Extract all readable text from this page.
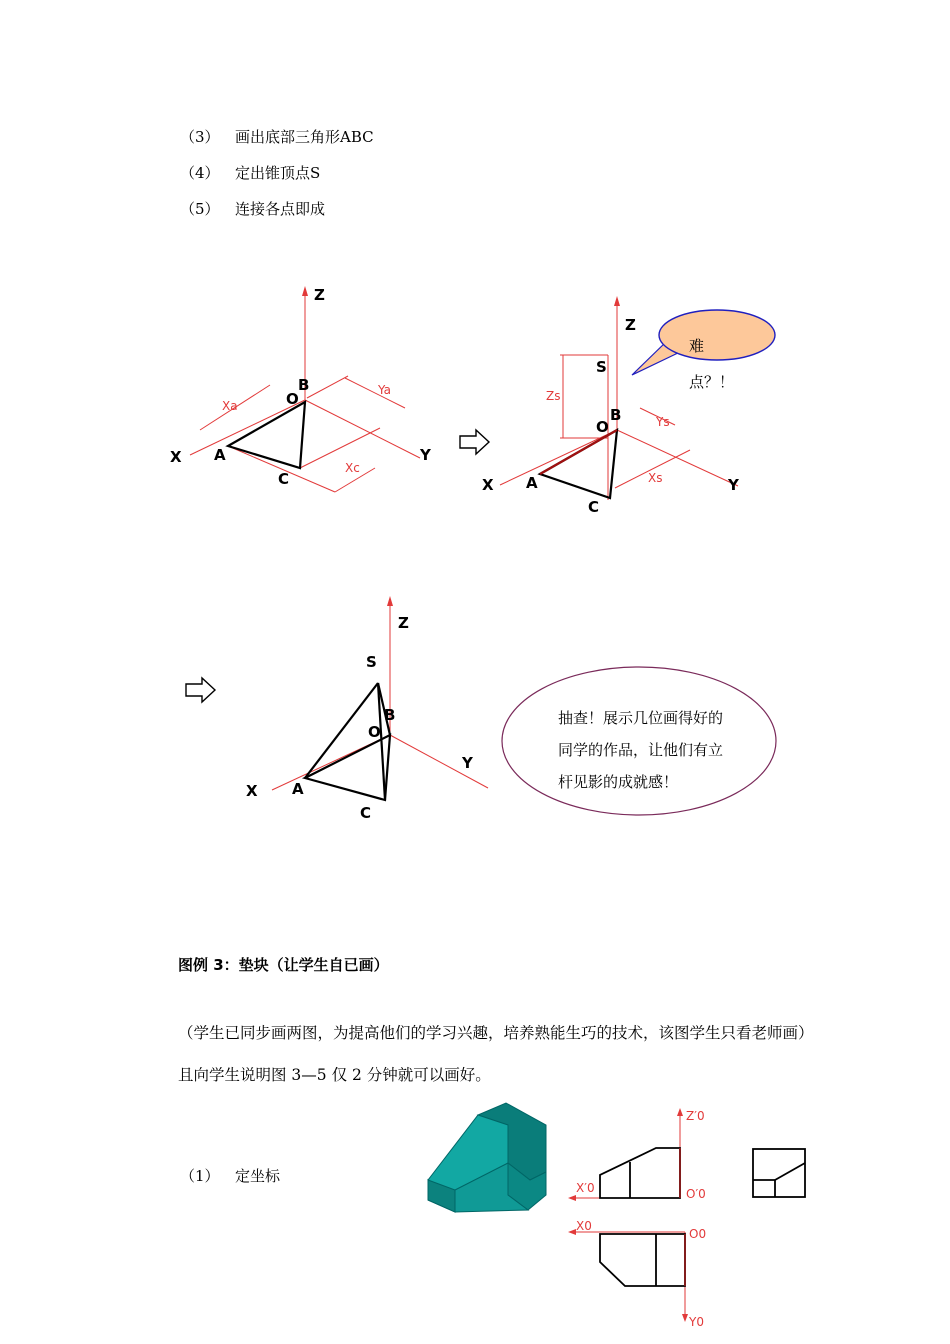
（3） 画出底部三角形ABC
（4） 定出锥顶点S
（5） 连接各点即成
X	Y
Z
O
A
B
C
Xa
Ya
Xc
X	Y
Z
O
S
A
B
C
Zs
Ys
Xs
难
点？！
X
Y
Z
O
S
A
B
C
抽查！展示几位画得好的
同学的作品，让他们有立
杆见影的成就感！
图例 3：垫块（让学生自已画）
（学生已同步画两图，为提高他们的学习兴趣，培养熟能生巧的技术，该图学生只看老师画）且向学生说明图 3—5 仅 2 分钟就可以画好。
（1） 定坐标
Z′0
X′0	O′0
X0
O0
Y0
